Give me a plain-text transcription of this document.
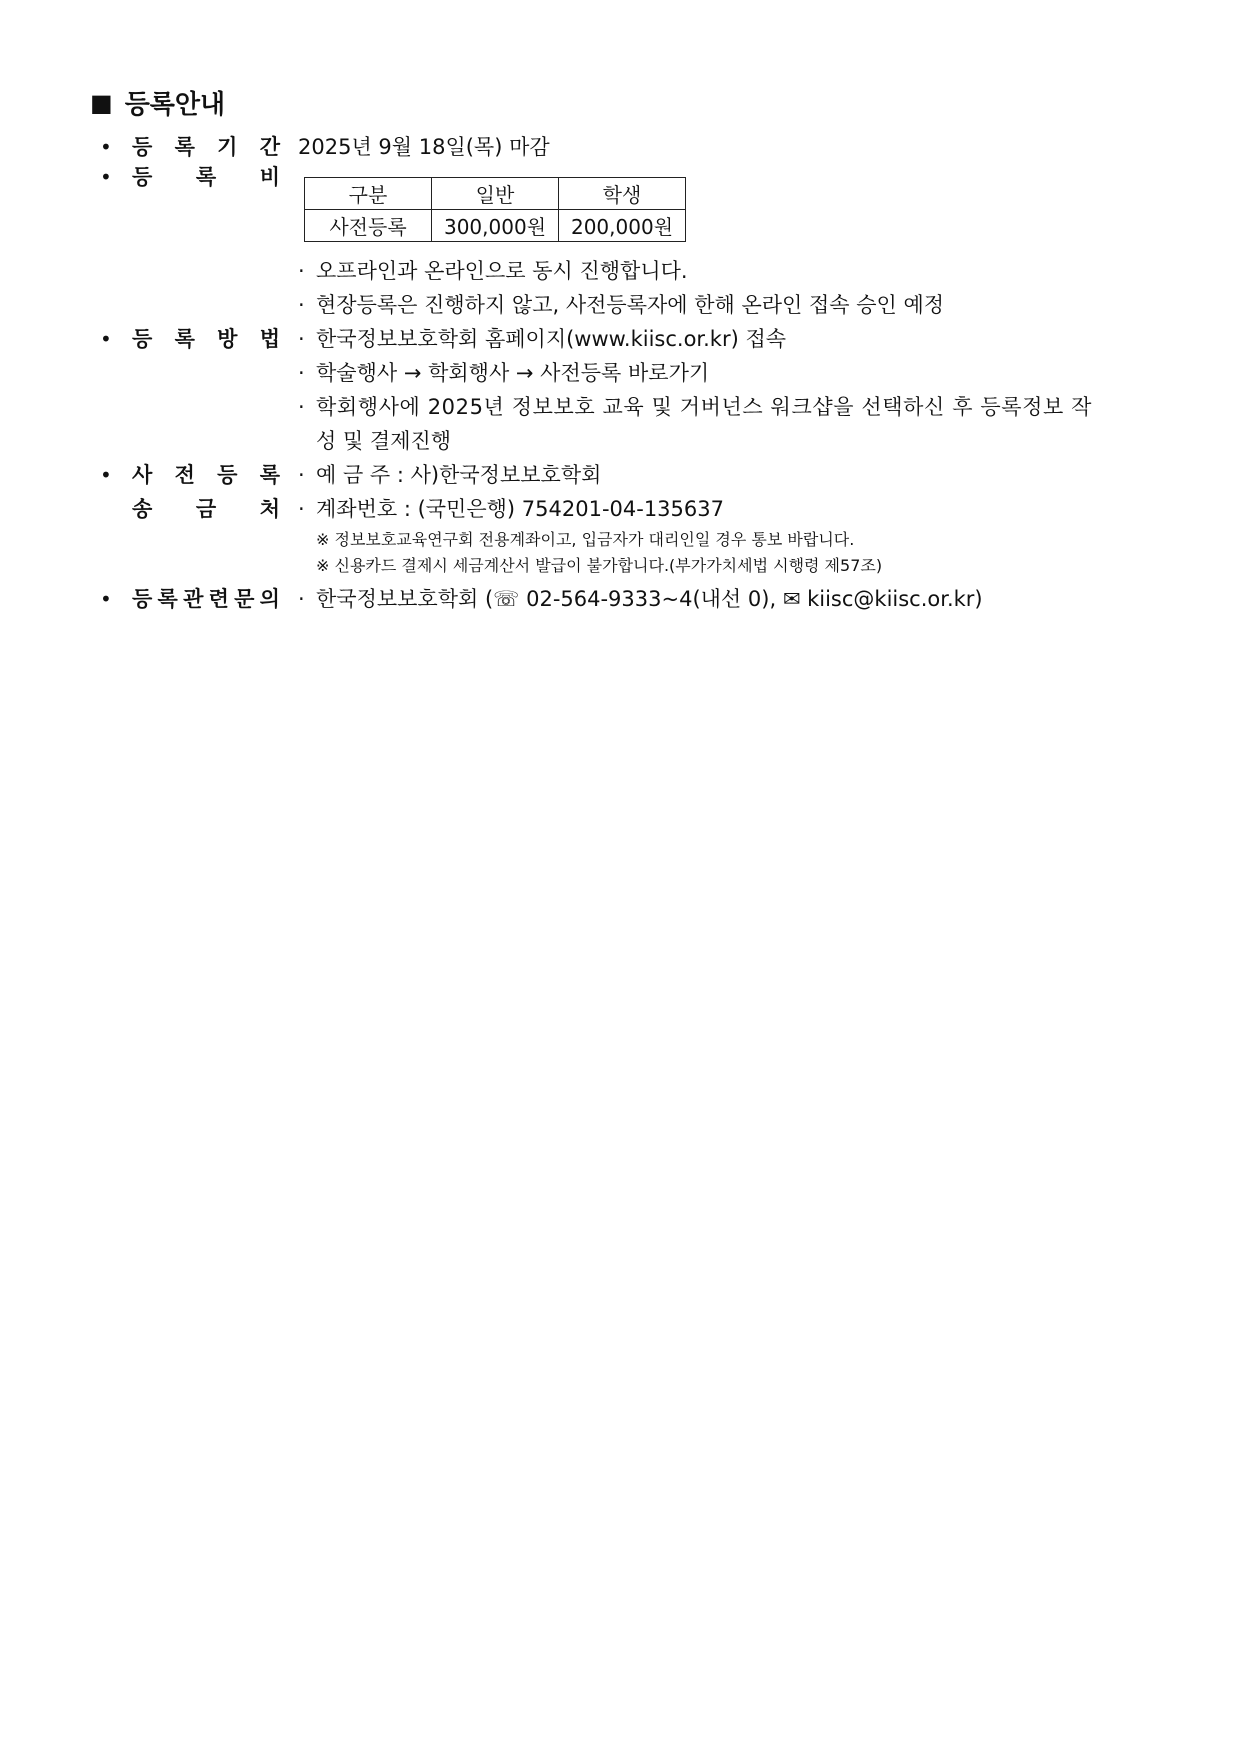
■ 등록안내
• 등 록 기 간 2025년 9월 18일(목) 마감
• 등 록 비
구분	일반	학생
사전등록	300,000원	200,000원
· 오프라인과 온라인으로 동시 진행합니다.
· 현장등록은 진행하지 않고, 사전등록자에 한해 온라인 접속 승인 예정
• 등 록 방 법 · 한국정보보호학회 홈페이지(www.kiisc.or.kr) 접속
· 학술행사 → 학회행사 → 사전등록 바로가기
· 학회행사에 2025년 정보보호 교육 및 거버넌스 워크샵을 선택하신 후 등록정보 작
성 및 결제진행
• 사 전 등 록
송 금 처
· 예 금 주 : 사)한국정보보호학회
· 계좌번호 : (국민은행) 754201-04-135637
※ 정보보호교육연구회 전용계좌이고, 입금자가 대리인일 경우 통보 바랍니다.
※ 신용카드 결제시 세금계산서 발급이 불가합니다.(부가가치세법 시행령 제57조)
• 등 록 관 련 문 의 · 한국정보보호학회 (☏ 02-564-9333~4(내선 0), ✉ kiisc@kiisc.or.kr)
